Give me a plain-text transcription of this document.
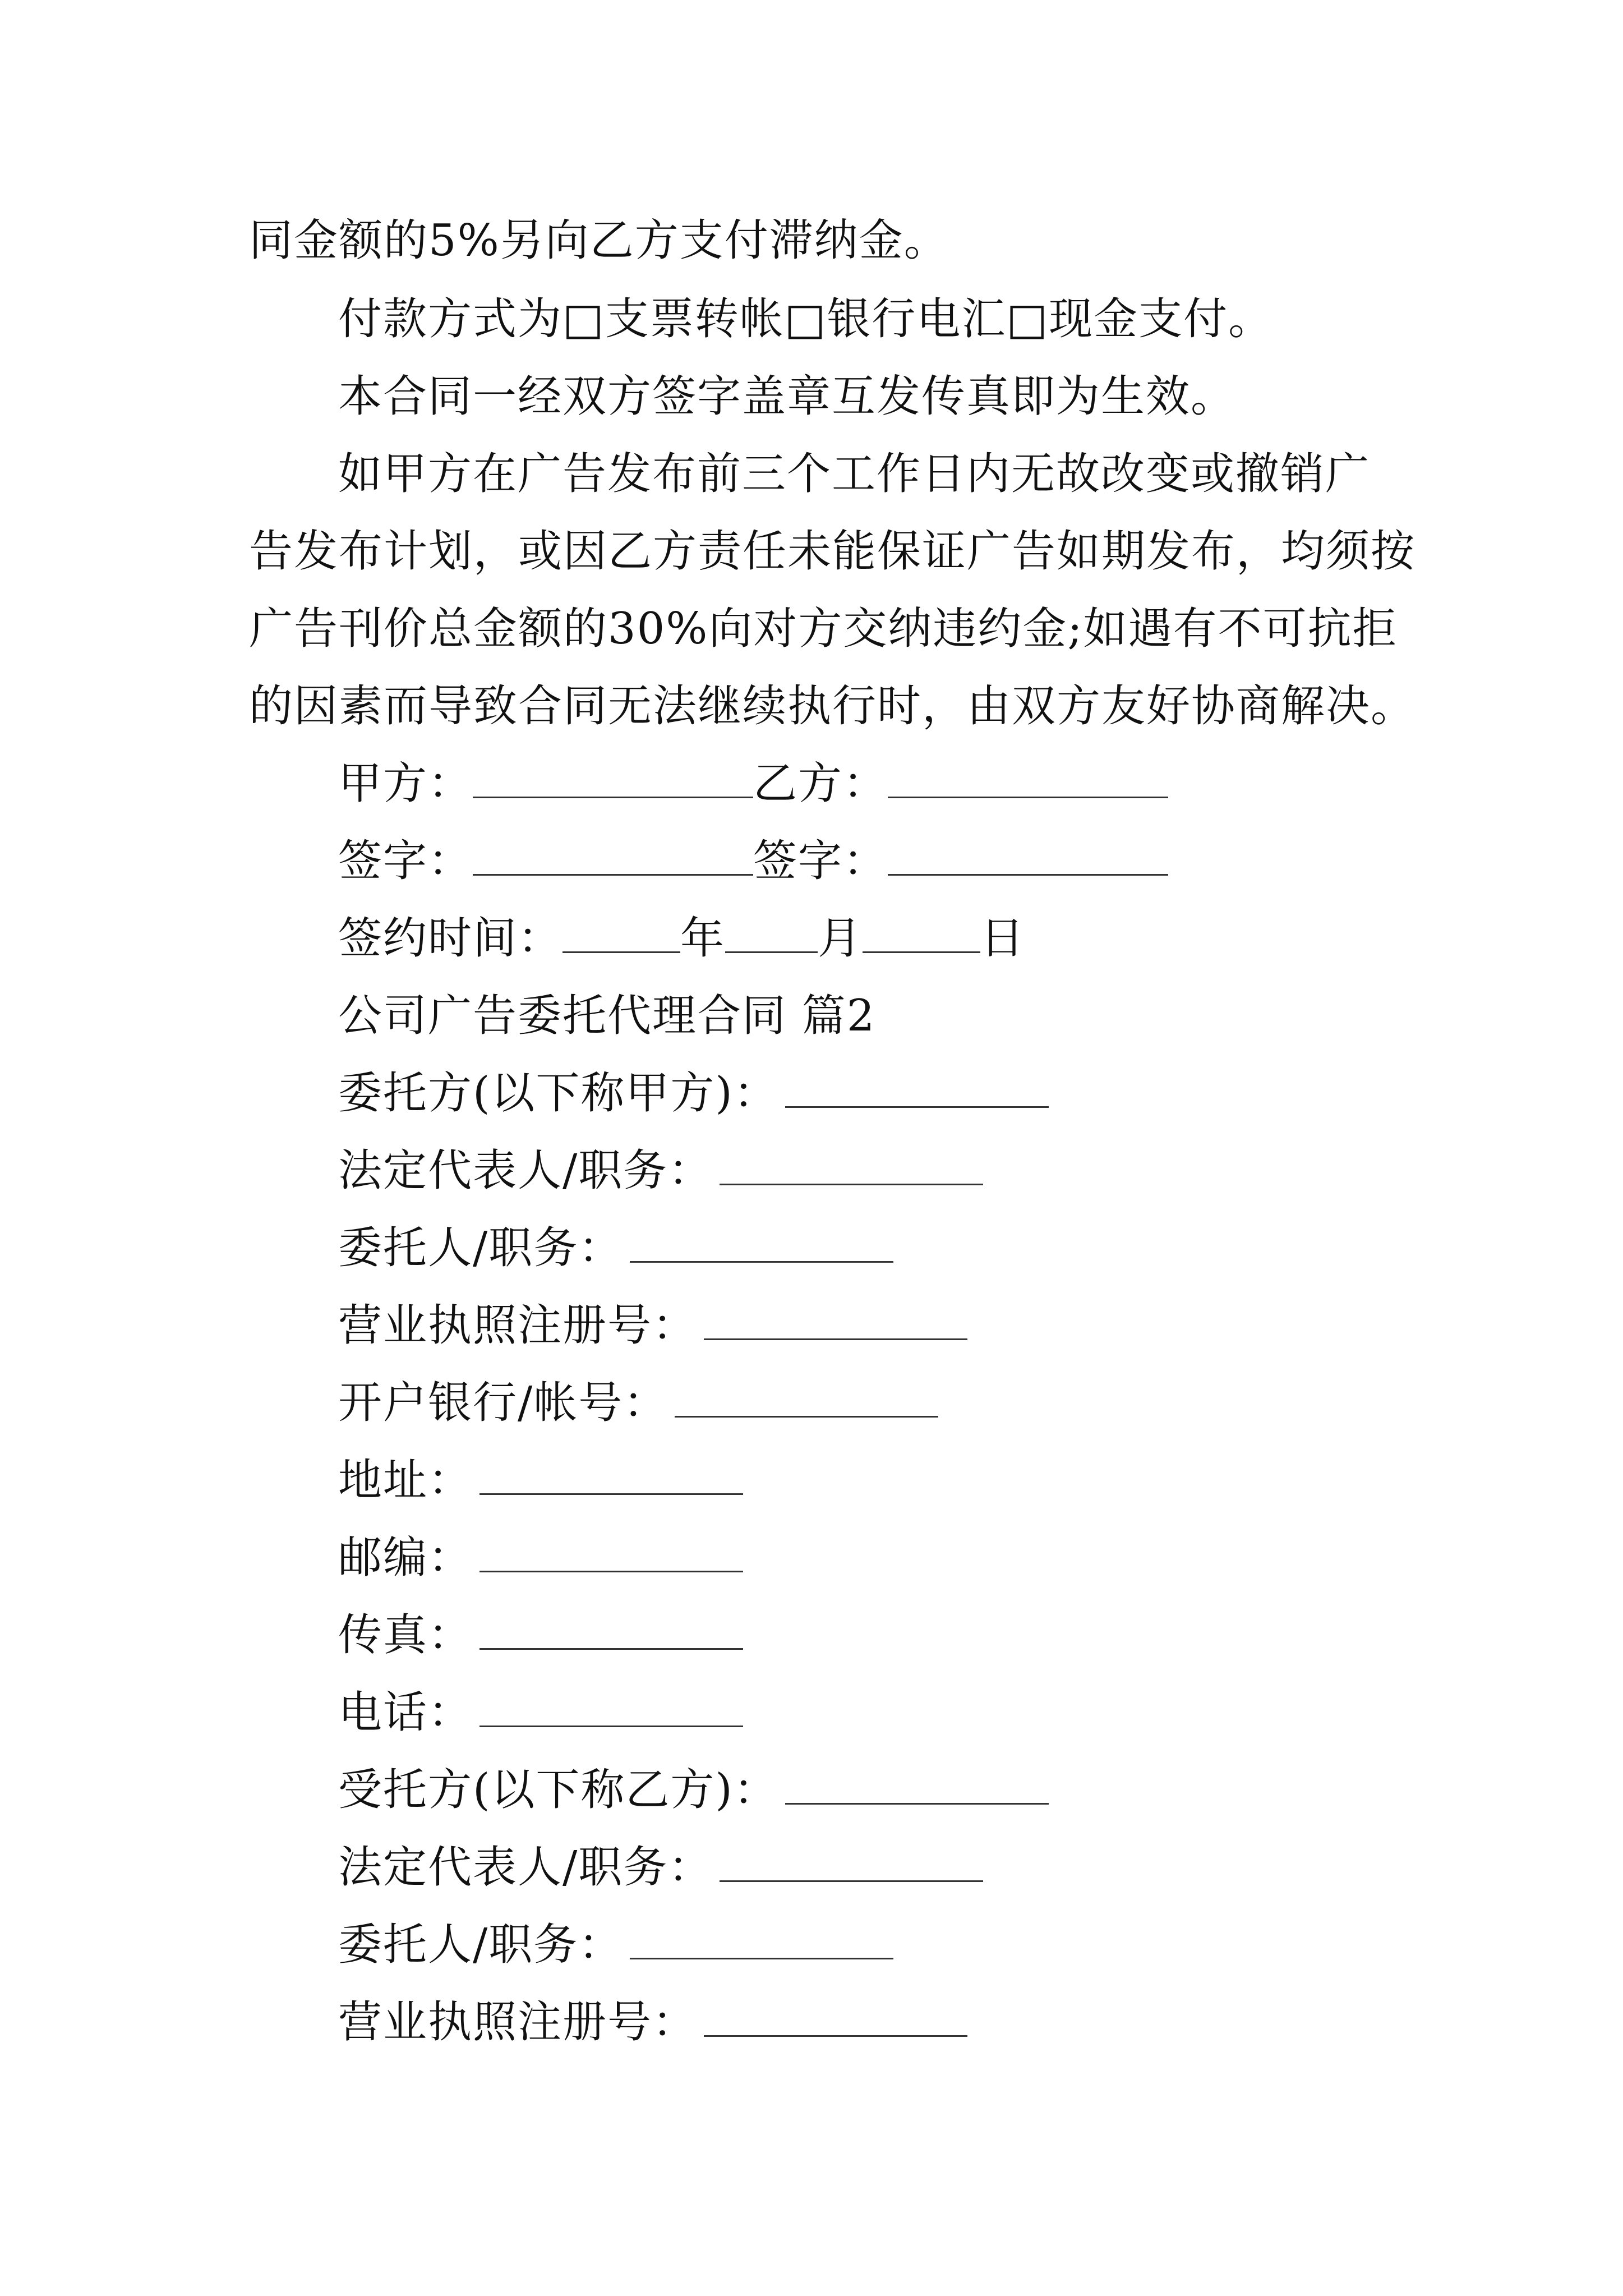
同金额的5%另向乙方支付滞纳金。
付款方式为□支票转帐□银行电汇□现金支付。
本合同一经双方签字盖章互发传真即为生效。
如甲方在广告发布前三个工作日内无故改变或撤销广
告发布计划，或因乙方责任未能保证广告如期发布，均须按
广告刊价总金额的30%向对方交纳违约金;如遇有不可抗拒
的因素而导致合同无法继续执行时，由双方友好协商解决。
甲方：	乙方：
签字：	签字：
签约时间：	年 月	日
公司广告委托代理合同 篇2
委托方(以下称甲方)：
法定代表人/职务：
委托人/职务：
营业执照注册号：
开户银行/帐号：
地址：
邮编：
传真：
电话：
受托方(以下称乙方)：
法定代表人/职务：
委托人/职务：
营业执照注册号：
